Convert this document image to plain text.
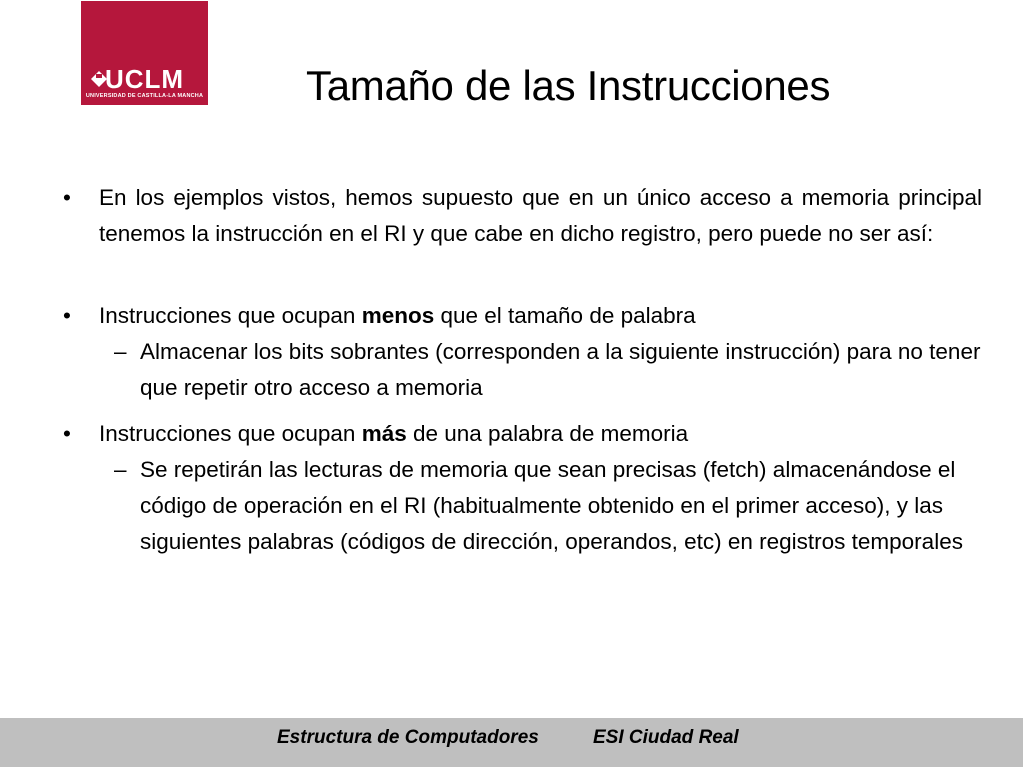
UCLM
UNIVERSIDAD DE CASTILLA-LA MANCHA Tamaño de las Instrucciones
• En los ejemplos vistos, hemos supuesto que en un único acceso a memoria principal tenemos la instrucción en el RI y que cabe en dicho registro, pero puede no ser así:
• Instrucciones que ocupan menos que el tamaño de palabra
– Almacenar los bits sobrantes (corresponden a la siguiente instrucción) para no tener que repetir otro acceso a memoria
• Instrucciones que ocupan más de una palabra de memoria
– Se repetirán las lecturas de memoria que sean precisas (fetch) almacenándose el código de operación en el RI (habitualmente obtenido en el primer acceso), y las siguientes palabras (códigos de dirección, operandos, etc) en registros temporales
Estructura de Computadores	ESI Ciudad Real
